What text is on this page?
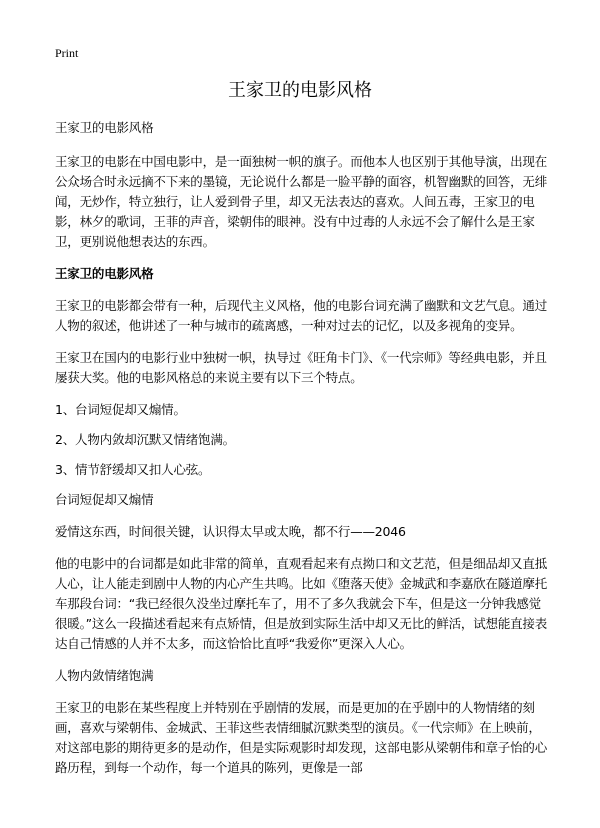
Print
王家卫的电影风格

王家卫的电影风格

王家卫的电影在中国电影中，是一面独树一帜的旗子。而他本人也区别于其他导演，出现在公众场合时永远摘不下来的墨镜，无论说什么都是一脸平静的面容，机智幽默的回答，无绯闻，无炒作，特立独行，让人爱到骨子里，却又无法表达的喜欢。人间五毒，王家卫的电影，林夕的歌词，王菲的声音，梁朝伟的眼神。没有中过毒的人永远不会了解什么是王家卫，更别说他想表达的东西。

王家卫的电影风格

王家卫的电影都会带有一种，后现代主义风格，他的电影台词充满了幽默和文艺气息。通过人物的叙述，他讲述了一种与城市的疏离感，一种对过去的记忆，以及多视角的变异。

王家卫在国内的电影行业中独树一帜，执导过《旺角卡门》、《一代宗师》等经典电影，并且屡获大奖。他的电影风格总的来说主要有以下三个特点。

1、台词短促却又煽情。

2、人物内敛却沉默又情绪饱满。

3、情节舒缓却又扣人心弦。

台词短促却又煽情

爱情这东西，时间很关键，认识得太早或太晚，都不行——2046

他的电影中的台词都是如此非常的简单，直观看起来有点拗口和文艺范，但是细品却又直抵人心，让人能走到剧中人物的内心产生共鸣。比如《堕落天使》金城武和李嘉欣在隧道摩托车那段台词：“我已经很久没坐过摩托车了，用不了多久我就会下车，但是这一分钟我感觉很暖。”这么一段描述看起来有点矫情，但是放到实际生活中却又无比的鲜活，试想能直接表达自己情感的人并不太多，而这恰恰比直呼“我爱你”更深入人心。

人物内敛情绪饱满

王家卫的电影在某些程度上并特别在乎剧情的发展，而是更加的在乎剧中的人物情绪的刻画，喜欢与梁朝伟、金城武、王菲这些表情细腻沉默类型的演员。《一代宗师》在上映前，对这部电影的期待更多的是动作，但是实际观影时却发现，这部电影从梁朝伟和章子怡的心路历程，到每一个动作，每一个道具的陈列，更像是一部
